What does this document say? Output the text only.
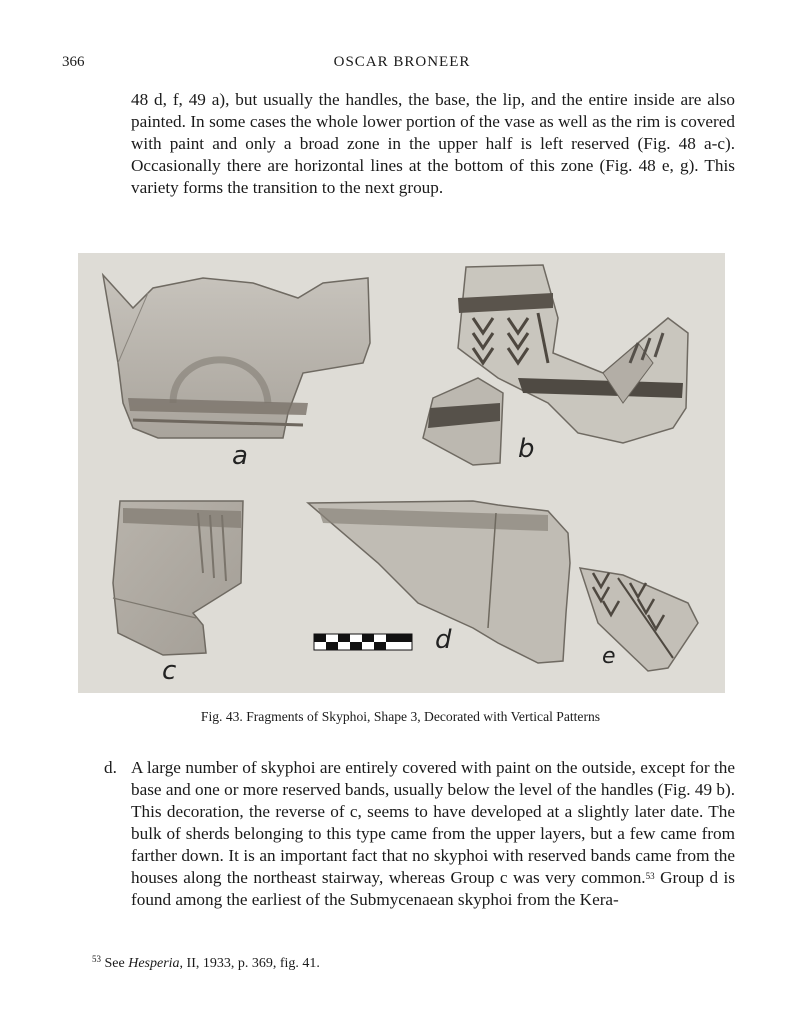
366	OSCAR BRONEER
48 d, f, 49 a), but usually the handles, the base, the lip, and the entire inside are also painted. In some cases the whole lower portion of the vase as well as the rim is covered with paint and only a broad zone in the upper half is left reserved (Fig. 48 a-c). Occasionally there are horizontal lines at the bottom of this zone (Fig. 48 e, g). This variety forms the transition to the next group.
a	b
c
d
e
Fig. 43. Fragments of Skyphoi, Shape 3, Decorated with Vertical Patterns
d. A large number of skyphoi are entirely covered with paint on the outside, except for the base and one or more reserved bands, usually below the level of the handles (Fig. 49 b). This decoration, the reverse of c, seems to have developed at a slightly later date. The bulk of sherds belonging to this type came from the upper layers, but a few came from farther down. It is an important fact that no skyphoi with reserved bands came from the houses along the northeast stairway, whereas Group c was very common.$^{53}$ Group d is found among the earliest of the Submycenaean skyphoi from the Kera-
$^{53}$ See Hesperia, II, 1933, p. 369, fig. 41.
